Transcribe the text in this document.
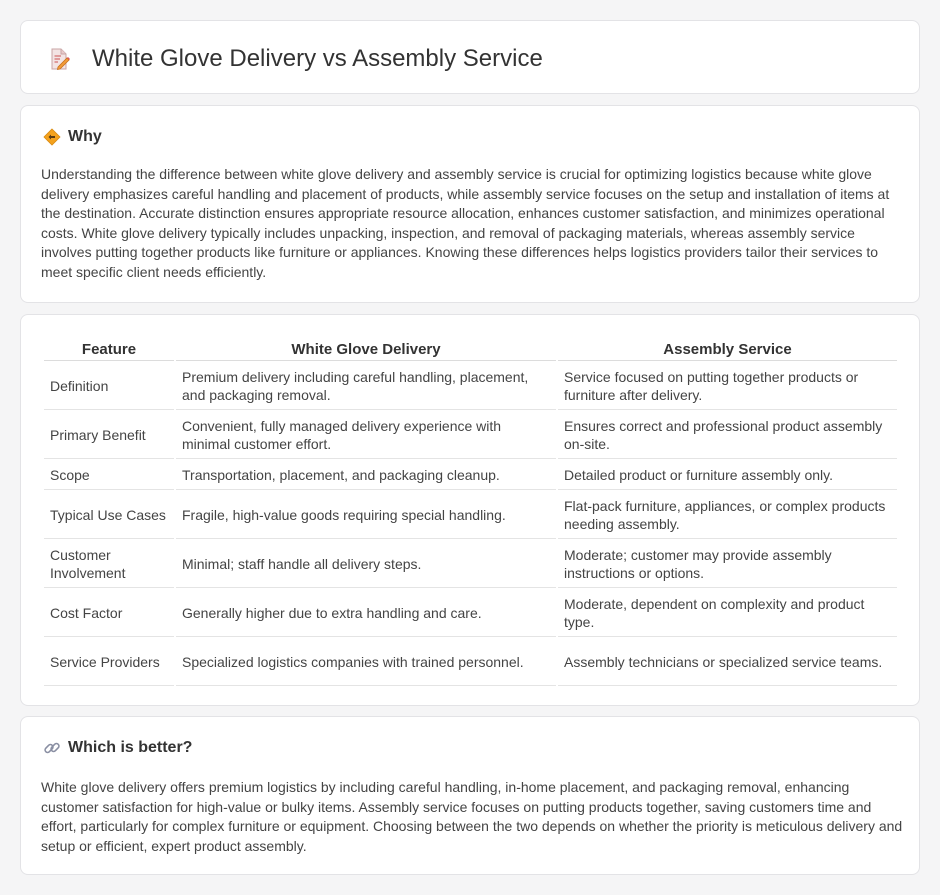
White Glove Delivery vs Assembly Service
Why

Understanding the difference between white glove delivery and assembly service is crucial for optimizing logistics because white glove delivery emphasizes careful handling and placement of products, while assembly service focuses on the setup and installation of items at the destination. Accurate distinction ensures appropriate resource allocation, enhances customer satisfaction, and minimizes operational costs. White glove delivery typically includes unpacking, inspection, and removal of packaging materials, whereas assembly service involves putting together products like furniture or appliances. Knowing these differences helps logistics providers tailor their services to meet specific client needs efficiently.

Feature	White Glove Delivery	Assembly Service
Definition	Premium delivery including careful handling, placement, and packaging removal.	Service focused on putting together products or furniture after delivery.
Primary Benefit	Convenient, fully managed delivery experience with minimal customer effort.	Ensures correct and professional product assembly on-site.
Scope	Transportation, placement, and packaging cleanup.	Detailed product or furniture assembly only.
Typical Use Cases	Fragile, high-value goods requiring special handling.	Flat-pack furniture, appliances, or complex products needing assembly.
Customer Involvement	Minimal; staff handle all delivery steps.	Moderate; customer may provide assembly instructions or options.
Cost Factor	Generally higher due to extra handling and care.	Moderate, dependent on complexity and product type.
Service Providers	Specialized logistics companies with trained personnel.	Assembly technicians or specialized service teams.
Which is better?

White glove delivery offers premium logistics by including careful handling, in-home placement, and packaging removal, enhancing customer satisfaction for high-value or bulky items. Assembly service focuses on putting products together, saving customers time and effort, particularly for complex furniture or equipment. Choosing between the two depends on whether the priority is meticulous delivery and setup or efficient, expert product assembly.
